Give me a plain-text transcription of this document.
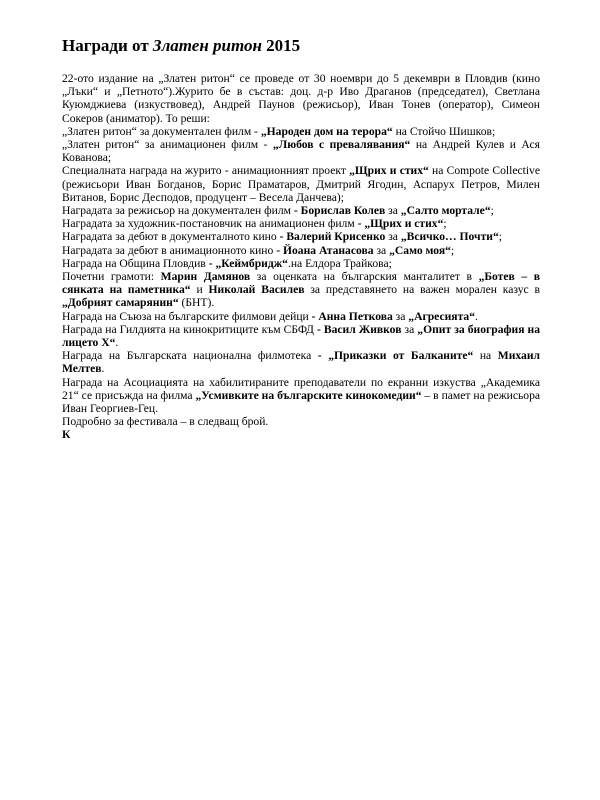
Награди от Златен ритон 2015

22-ото издание на „Златен ритон“ се проведе от 30 ноември до 5 декември в Пловдив (кино „Лъки“ и „Петното“).Журито бе в състав: доц. д-р Иво Драганов (председател), Светлана Куюмджиева (изкуствовед), Андрей Паунов (режисьор), Иван Тонев (оператор), Симеон Сокеров (аниматор). То реши:

„Златен ритон“ за документален филм - „Народен дом на терора“ на Стойчо Шишков;

„Златен ритон“ за анимационен филм - „Любов с превалявания“ на Андрей Кулев и Ася Кованова;

Специалната награда на журито - анимационният проект „Щрих и стих“ на Compote Collective (режисьори Иван Богданов, Борис Праматаров, Дмитрий Ягодин, Аспарух Петров, Милен Витанов, Борис Десподов, продуцент – Весела Данчева);

Наградата за режисьор на документален филм - Борислав Колев за „Салто мортале“;

Наградата за художник-постановчик на анимационен филм - „Щрих и стих“;

Наградата за дебют в документалното кино - Валерий Крисенко за „Всичко… Почти“;

Наградата за дебют в анимационното кино - Йоана Атанасова за „Само моя“;

Награда на Община Пловдив - „Кеймбридж“.на Елдора Трайкова;

Почетни грамоти: Марин Дамянов за оценката на българския манталитет в „Ботев – в сянката на паметника“ и Николай Василев за представянето на важен морален казус в „Добрият самарянин“ (БНТ).

Награда на Съюза на българските филмови дейци - Анна Петкова за „Агресията“.

Награда на Гилдията на кинокритиците към СБФД - Васил Живков за „Опит за биография на лицето Х“.

Награда на Българската национална филмотека - „Приказки от Балканите“ на Михаил Мелтев.

Награда на Асоциацията на хабилитираните преподаватели по екранни изкуства „Академика 21“ се присъжда на филма „Усмивките на българските кинокомедии“ – в памет на режисьора Иван Георгиев-Гец.

Подробно за фестивала – в следващ брой.

К
